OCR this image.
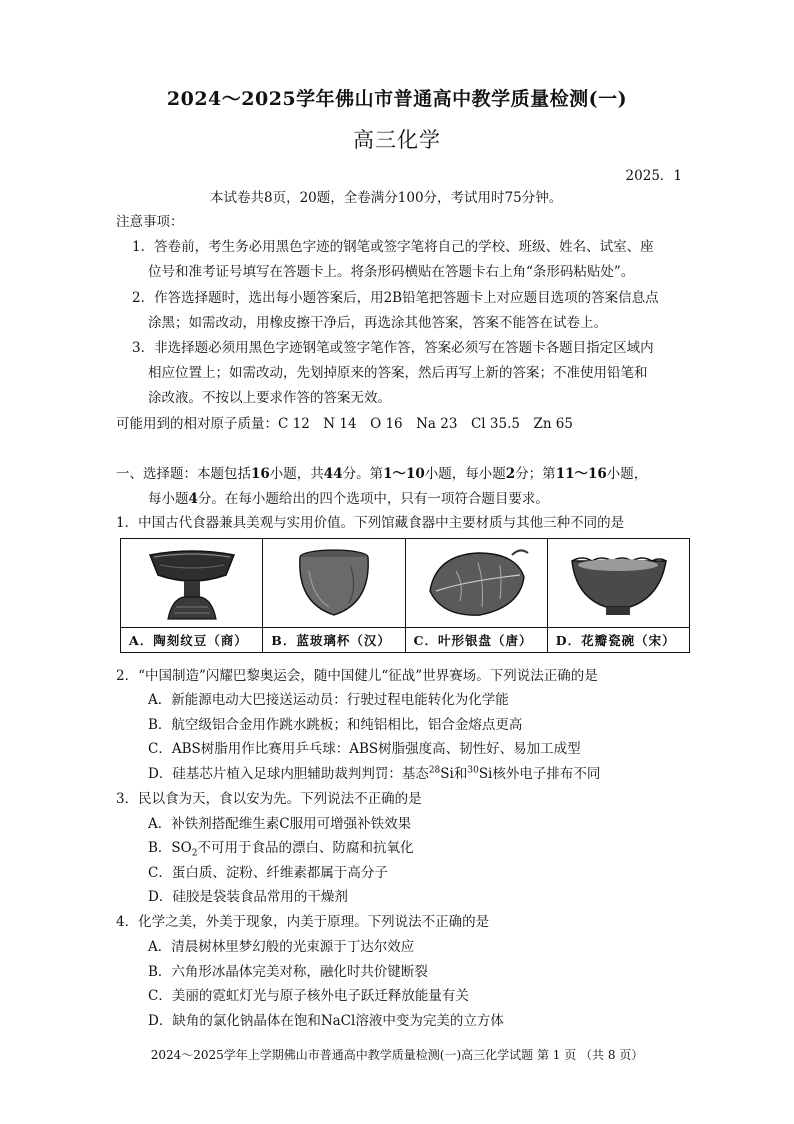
2024～2025学年佛山市普通高中教学质量检测(一)
高三化学
2025．1
本试卷共8页，20题，全卷满分100分，考试用时75分钟。
注意事项：
1．答卷前，考生务必用黑色字迹的钢笔或签字笔将自己的学校、班级、姓名、试室、座
位号和准考证号填写在答题卡上。将条形码横贴在答题卡右上角“条形码粘贴处”。
2．作答选择题时，选出每小题答案后，用2B铅笔把答题卡上对应题目选项的答案信息点
涂黑；如需改动，用橡皮擦干净后，再选涂其他答案，答案不能答在试卷上。
3．非选择题必须用黑色字迹钢笔或签字笔作答，答案必须写在答题卡各题目指定区域内
相应位置上；如需改动，先划掉原来的答案，然后再写上新的答案；不准使用铅笔和
涂改液。不按以上要求作答的答案无效。
可能用到的相对原子质量：C 12　N 14　O 16　Na 23　Cl 35.5　Zn 65
一、选择题：本题包括16小题，共44分。第1～10小题，每小题2分；第11～16小题，
每小题4分。在每小题给出的四个选项中，只有一项符合题目要求。
1．中国古代食器兼具美观与实用价值。下列馆藏食器中主要材质与其他三种不同的是
A．陶刻纹豆（商）	B．蓝玻璃杯（汉）	C．叶形银盘（唐）	D．花瓣瓷碗（宋）
2．“中国制造”闪耀巴黎奥运会，随中国健儿“征战”世界赛场。下列说法正确的是
A．新能源电动大巴接送运动员：行驶过程电能转化为化学能
B．航空级铝合金用作跳水跳板；和纯铝相比，铝合金熔点更高
C．ABS树脂用作比赛用乒乓球：ABS树脂强度高、韧性好、易加工成型
D．硅基芯片植入足球内胆辅助裁判判罚：基态$^{28}$Si和$^{30}$Si核外电子排布不同
3．民以食为天，食以安为先。下列说法不正确的是
A．补铁剂搭配维生素C服用可增强补铁效果
B．$SO_2$不可用于食品的漂白、防腐和抗氧化
C．蛋白质、淀粉、纤维素都属于高分子
D．硅胶是袋装食品常用的干燥剂
4．化学之美，外美于现象，内美于原理。下列说法不正确的是
A．清晨树林里梦幻般的光束源于丁达尔效应
B．六角形冰晶体完美对称，融化时共价键断裂
C．美丽的霓虹灯光与原子核外电子跃迁释放能量有关
D．缺角的氯化钠晶体在饱和NaCl溶液中变为完美的立方体
2024～2025学年上学期佛山市普通高中教学质量检测(一)高三化学试题 第 1 页 （共 8 页）
